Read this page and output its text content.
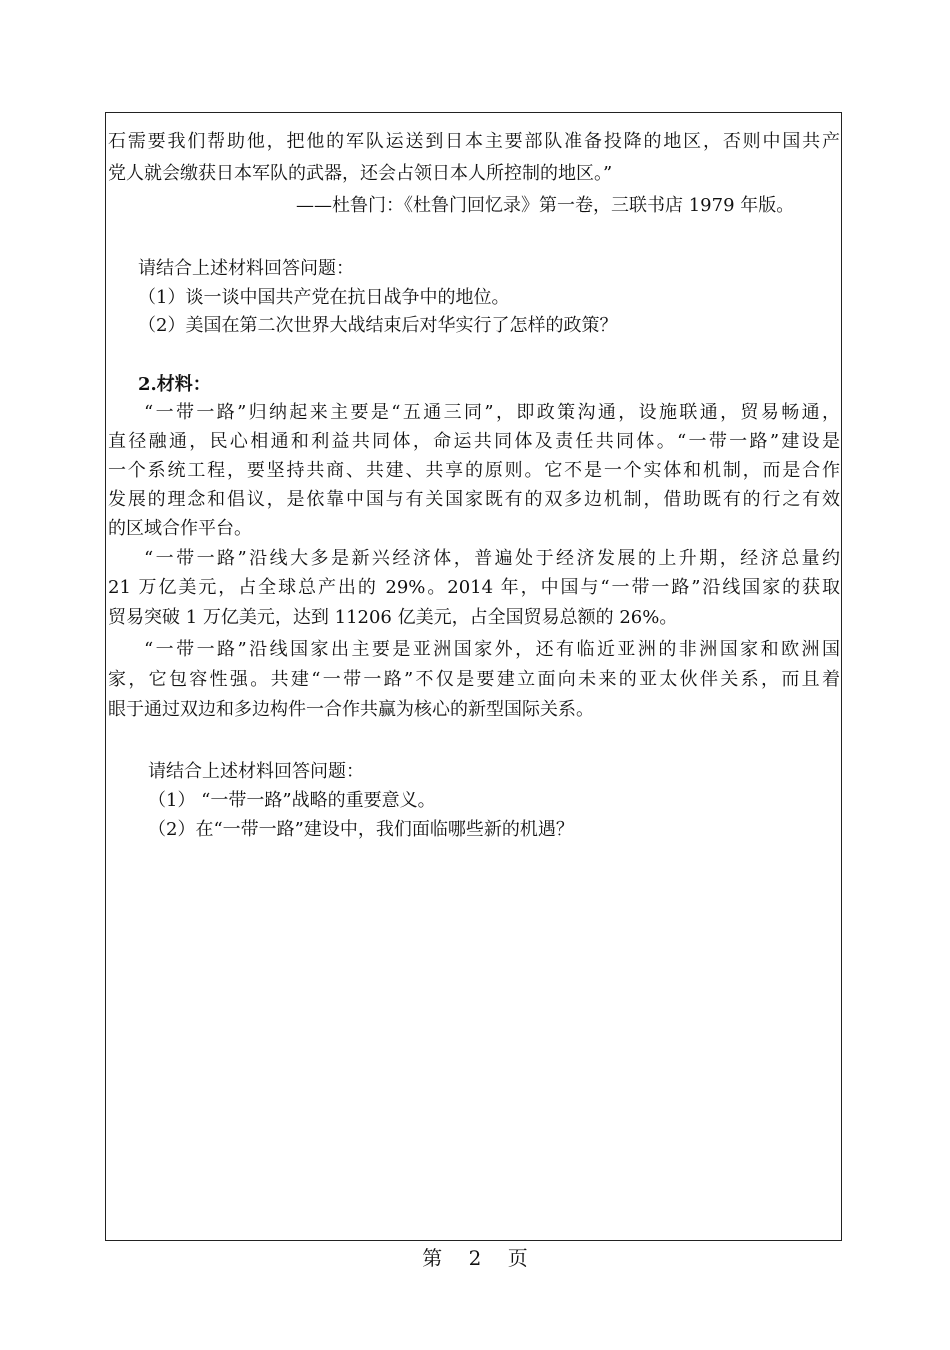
石需要我们帮助他，把他的军队运送到日本主要部队准备投降的地区，否则中国共产
党人就会缴获日本军队的武器，还会占领日本人所控制的地区。”
——杜鲁门：《杜鲁门回忆录》第一卷，三联书店 1979 年版。
请结合上述材料回答问题：
（1）谈一谈中国共产党在抗日战争中的地位。
（2）美国在第二次世界大战结束后对华实行了怎样的政策？
2.材料：
“一带一路”归纳起来主要是“五通三同”，即政策沟通，设施联通，贸易畅通，
直径融通，民心相通和利益共同体，命运共同体及责任共同体。“一带一路”建设是
一个系统工程，要坚持共商、共建、共享的原则。它不是一个实体和机制，而是合作
发展的理念和倡议，是依靠中国与有关国家既有的双多边机制，借助既有的行之有效
的区域合作平台。
“一带一路”沿线大多是新兴经济体，普遍处于经济发展的上升期，经济总量约
21 万亿美元，占全球总产出的 29%。2014 年，中国与“一带一路”沿线国家的获取
贸易突破 1 万亿美元，达到 11206 亿美元，占全国贸易总额的 26%。
“一带一路”沿线国家出主要是亚洲国家外，还有临近亚洲的非洲国家和欧洲国
家，它包容性强。共建“一带一路”不仅是要建立面向未来的亚太伙伴关系，而且着
眼于通过双边和多边构件一合作共赢为核心的新型国际关系。
请结合上述材料回答问题：
（1） “一带一路”战略的重要意义。
（2）在“一带一路”建设中，我们面临哪些新的机遇？
第 2 页
